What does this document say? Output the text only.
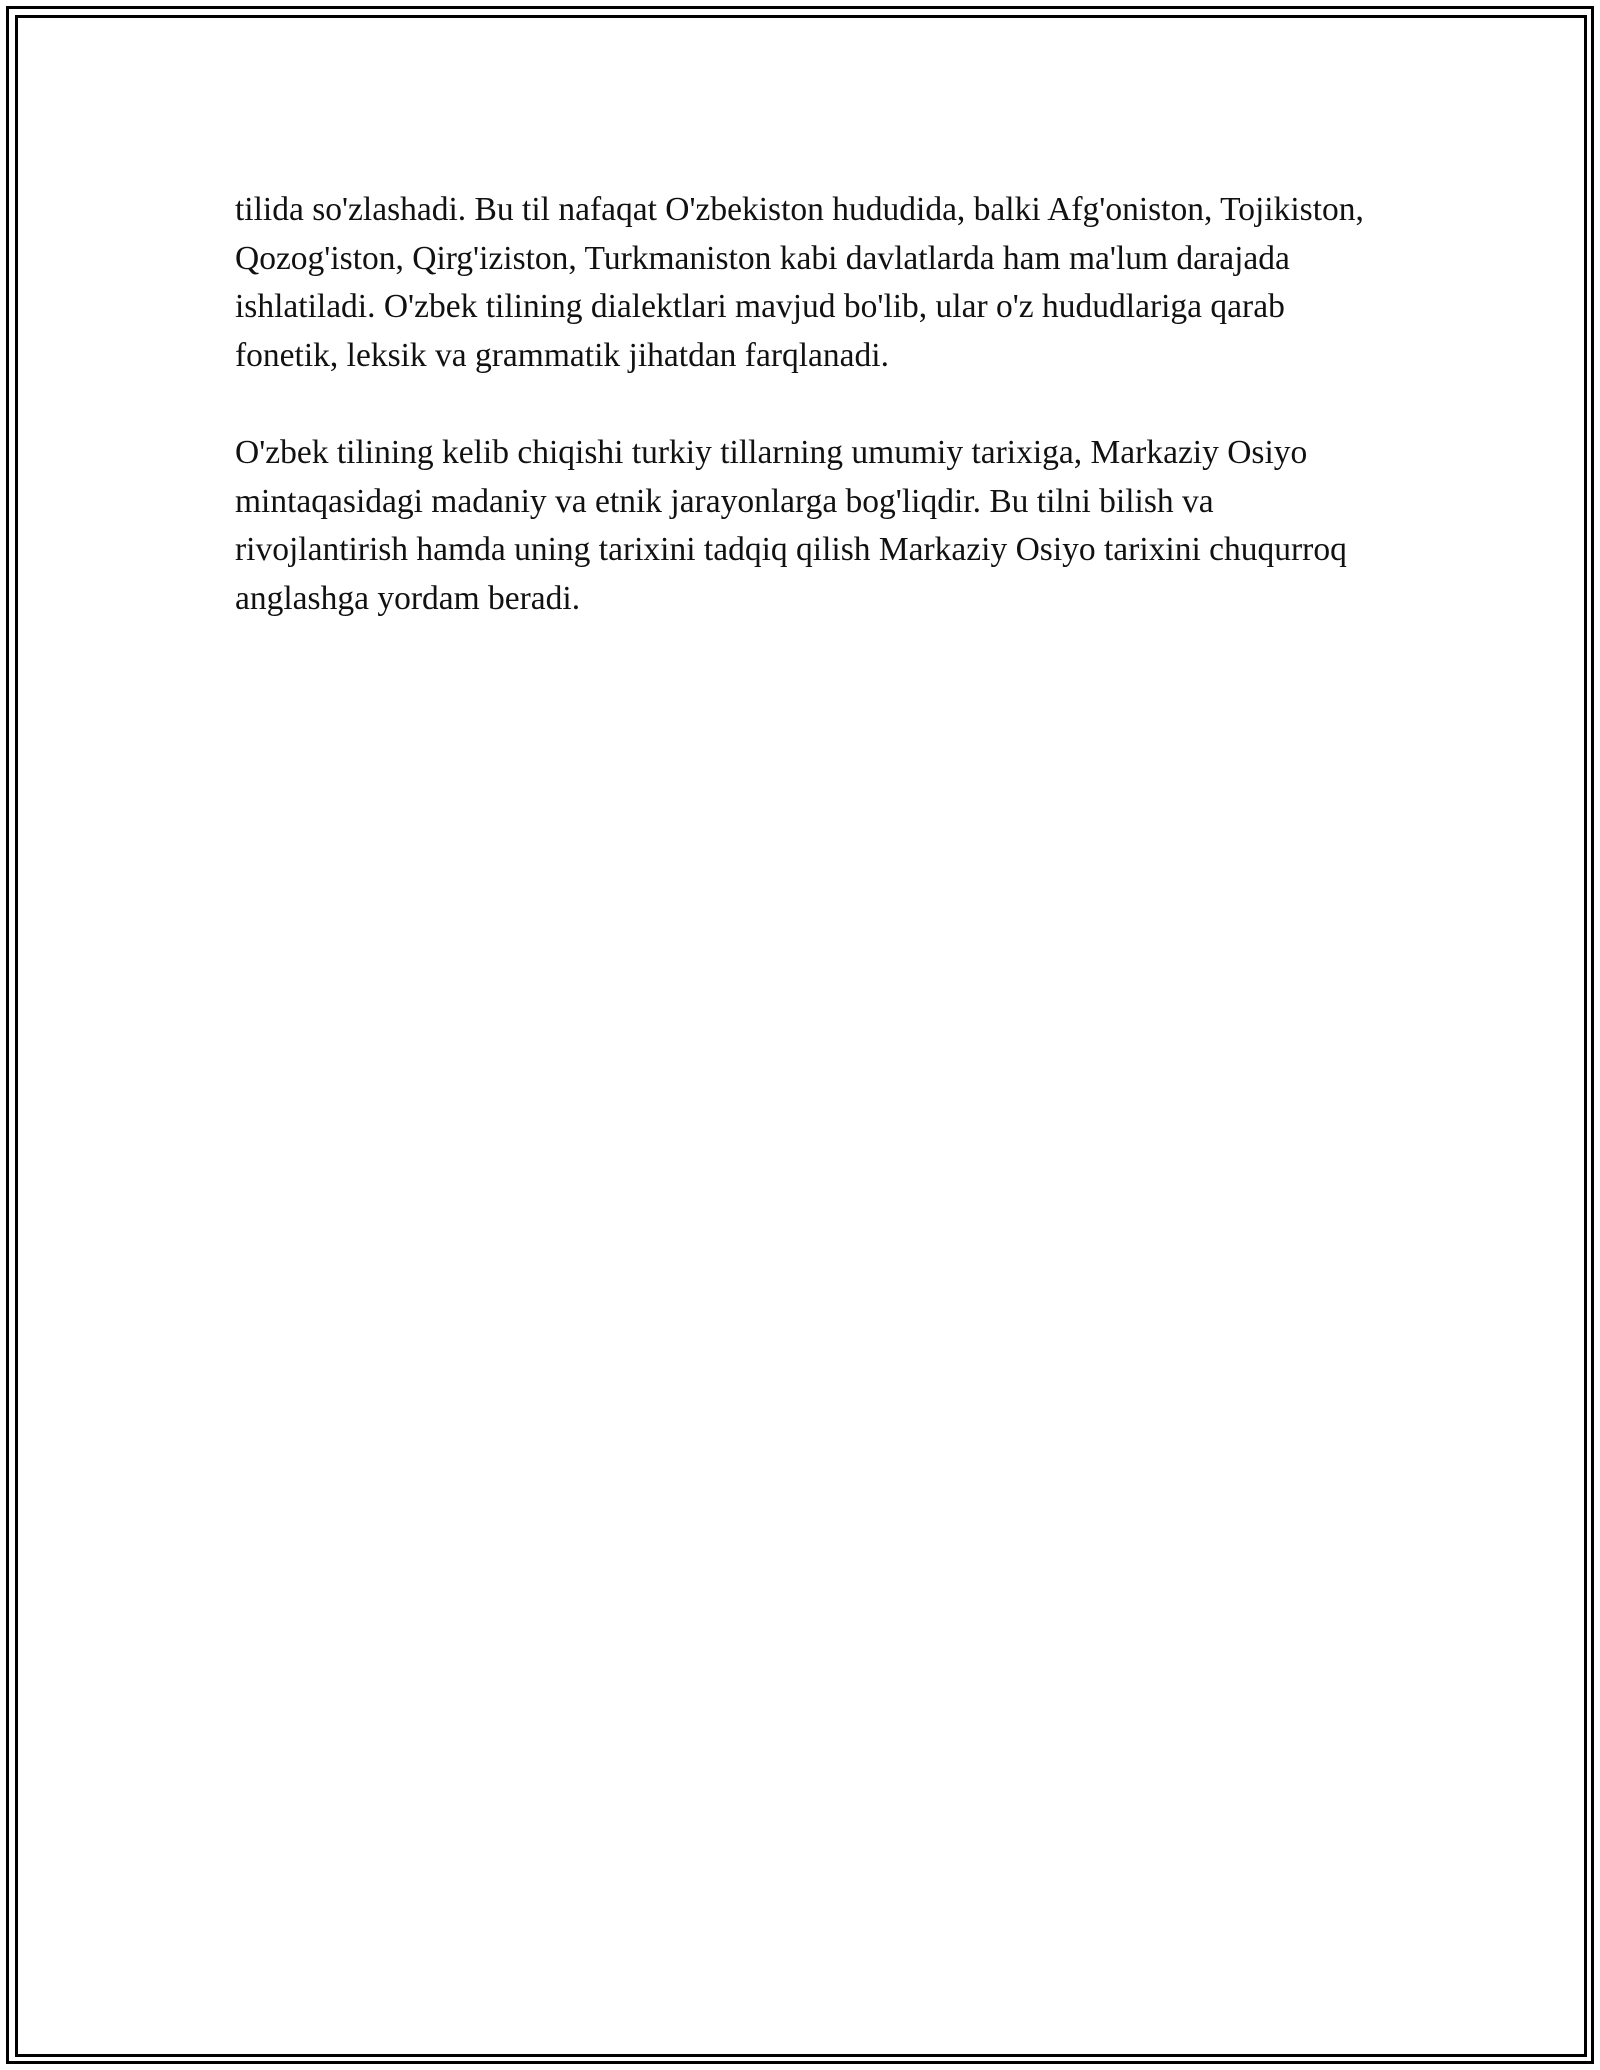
tilida so'zlashadi. Bu til nafaqat O'zbekiston hududida, balki Afg'oniston, Tojikiston, Qozog'iston, Qirg'iziston, Turkmaniston kabi davlatlarda ham ma'lum darajada ishlatiladi. O'zbek tilining dialektlari mavjud bo'lib, ular o'z hududlariga qarab fonetik, leksik va grammatik jihatdan farqlanadi.

O'zbek tilining kelib chiqishi turkiy tillarning umumiy tarixiga, Markaziy Osiyo mintaqasidagi madaniy va etnik jarayonlarga bog'liqdir. Bu tilni bilish va rivojlantirish hamda uning tarixini tadqiq qilish Markaziy Osiyo tarixini chuqurroq anglashga yordam beradi.
